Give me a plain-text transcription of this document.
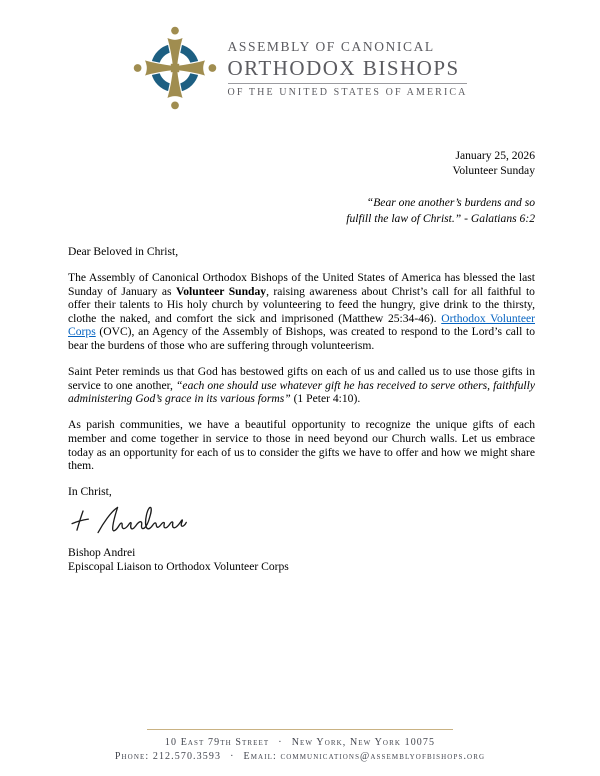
ASSEMBLY OF CANONICAL
ORTHODOX BISHOPS
OF THE UNITED STATES OF AMERICA
January 25, 2026
Volunteer Sunday
“Bear one another’s burdens and so
fulfill the law of Christ.” - Galatians 6:2

Dear Beloved in Christ,

The Assembly of Canonical Orthodox Bishops of the United States of America has blessed the last Sunday of January as Volunteer Sunday, raising awareness about Christ’s call for all faithful to offer their talents to His holy church by volunteering to feed the hungry, give drink to the thirsty, clothe the naked, and comfort the sick and imprisoned (Matthew 25:34-46). Orthodox Volunteer Corps (OVC), an Agency of the Assembly of Bishops, was created to respond to the Lord’s call to bear the burdens of those who are suffering through volunteerism.

Saint Peter reminds us that God has bestowed gifts on each of us and called us to use those gifts in service to one another, “each one should use whatever gift he has received to serve others, faithfully administering God’s grace in its various forms” (1 Peter 4:10).

As parish communities, we have a beautiful opportunity to recognize the unique gifts of each member and come together in service to those in need beyond our Church walls. Let us embrace today as an opportunity for each of us to consider the gifts we have to offer and how we might share them.

In Christ,

Bishop Andrei
Episcopal Liaison to Orthodox Volunteer Corps
10 East 79th Street · New York, New York 10075
Phone: 212.570.3593 · Email: communications@assemblyofbishops.org
